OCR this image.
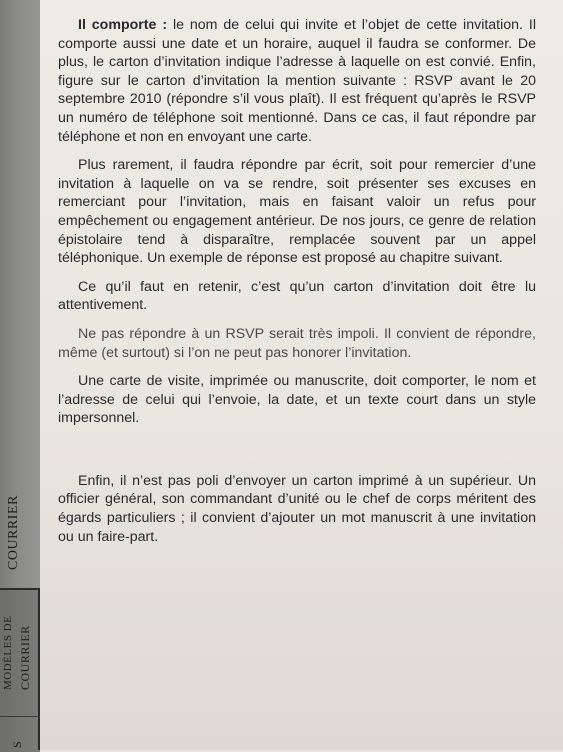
COURRIER
MODÈLES DE COURRIER
S

Il comporte : le nom de celui qui invite et l’objet de cette invitation. Il comporte aussi une date et un horaire, auquel il faudra se conformer. De plus, le carton d’invitation indique l’adresse à laquelle on est convié. Enfin, figure sur le carton d’invitation la mention suivante : RSVP avant le 20 septembre 2010 (répondre s’il vous plaît). Il est fréquent qu’après le RSVP un numéro de téléphone soit mentionné. Dans ce cas, il faut répondre par téléphone et non en envoyant une carte.

Plus rarement, il faudra répondre par écrit, soit pour remercier d’une invitation à laquelle on va se rendre, soit présenter ses excuses en remerciant pour l’invitation, mais en faisant valoir un refus pour empêchement ou engagement antérieur. De nos jours, ce genre de relation épistolaire tend à disparaître, remplacée souvent par un appel téléphonique. Un exemple de réponse est proposé au chapitre suivant.

Ce qu’il faut en retenir, c’est qu’un carton d’invitation doit être lu attentivement.

Ne pas répondre à un RSVP serait très impoli. Il convient de répondre, même (et surtout) si l’on ne peut pas honorer l’invitation.

Une carte de visite, imprimée ou manuscrite, doit comporter, le nom et l’adresse de celui qui l’envoie, la date, et un texte court dans un style impersonnel.

Enfin, il n’est pas poli d’envoyer un carton imprimé à un supérieur. Un officier général, son commandant d’unité ou le chef de corps méritent des égards particuliers ; il convient d’ajouter un mot manuscrit à une invitation ou un faire-part.
